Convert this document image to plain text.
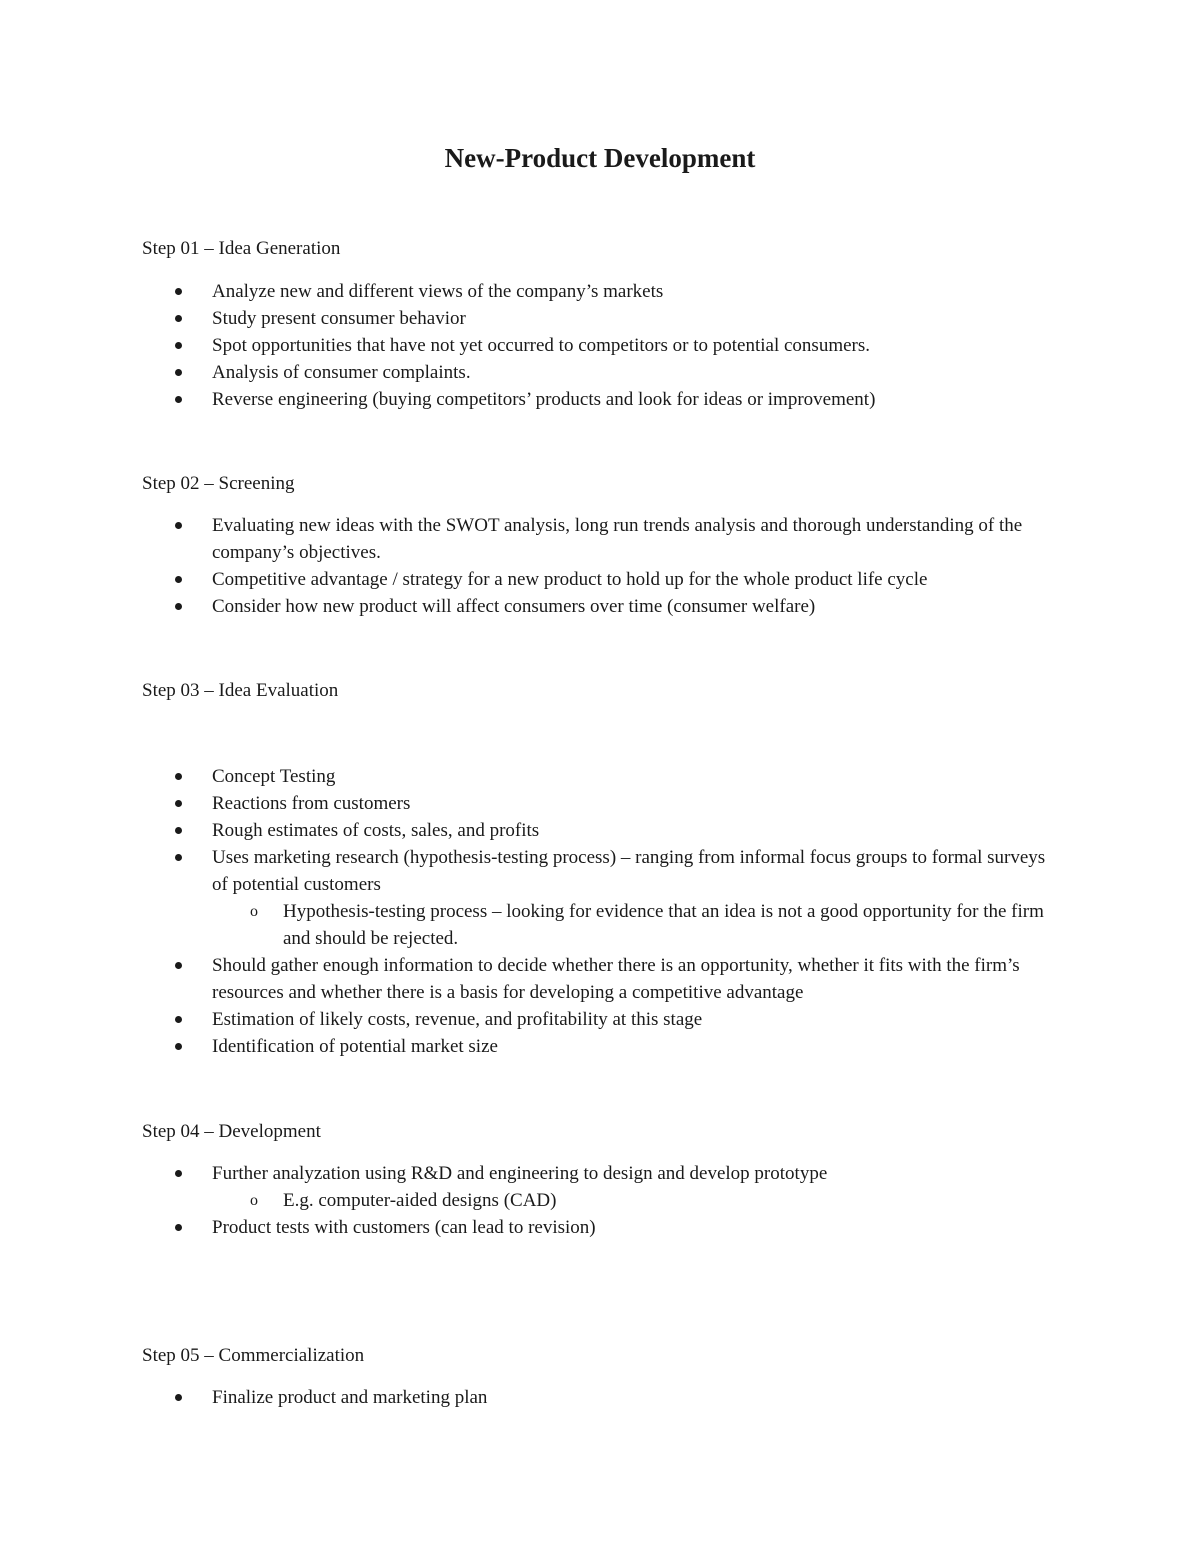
New-Product Development
Step 01 – Idea Generation
Analyze new and different views of the company’s markets
Study present consumer behavior
Spot opportunities that have not yet occurred to competitors or to potential consumers.
Analysis of consumer complaints.
Reverse engineering (buying competitors’ products and look for ideas or improvement)
Step 02 – Screening
Evaluating new ideas with the SWOT analysis, long run trends analysis and thorough understanding of the company’s objectives.
Competitive advantage / strategy for a new product to hold up for the whole product life cycle
Consider how new product will affect consumers over time (consumer welfare)
Step 03 – Idea Evaluation
Concept Testing
Reactions from customers
Rough estimates of costs, sales, and profits
Uses marketing research (hypothesis-testing process) – ranging from informal focus groups to formal surveys of potential customers
o Hypothesis-testing process – looking for evidence that an idea is not a good opportunity for the firm and should be rejected.
Should gather enough information to decide whether there is an opportunity, whether it fits with the firm’s resources and whether there is a basis for developing a competitive advantage
Estimation of likely costs, revenue, and profitability at this stage
Identification of potential market size
Step 04 – Development
Further analyzation using R&D and engineering to design and develop prototype
o E.g. computer-aided designs (CAD)
Product tests with customers (can lead to revision)
Step 05 – Commercialization
Finalize product and marketing plan
